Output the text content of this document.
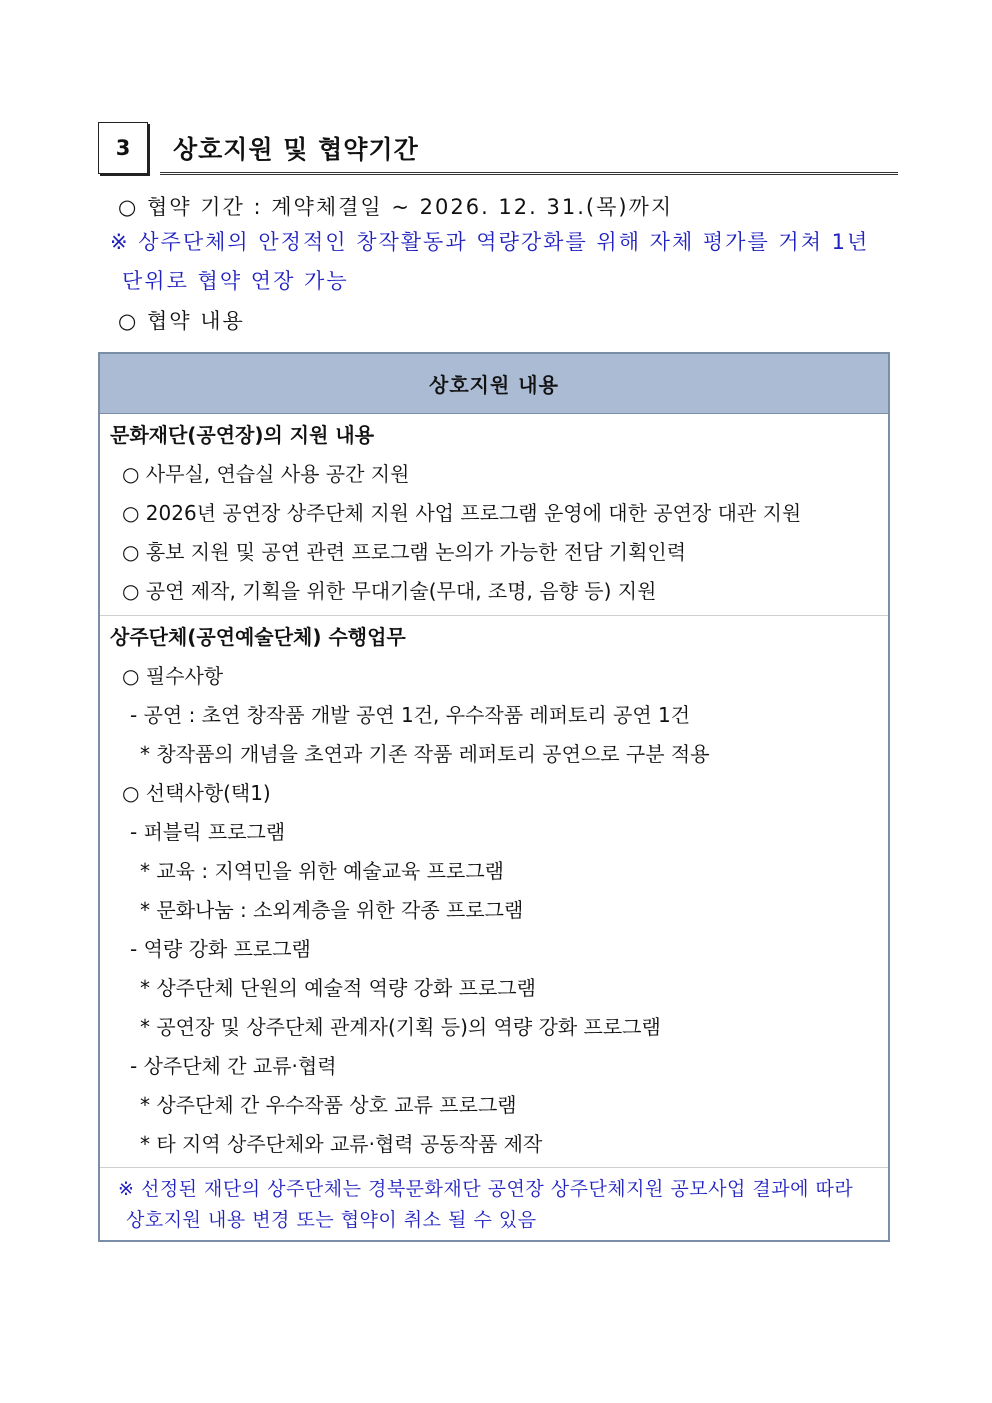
3	상호지원 및 협약기간
○ 협약 기간 : 계약체결일 ~ 2026. 12. 31.(목)까지
※ 상주단체의 안정적인 창작활동과 역량강화를 위해 자체 평가를 거쳐 1년
단위로 협약 연장 가능
○ 협약 내용
상호지원 내용
문화재단(공연장)의 지원 내용
○ 사무실, 연습실 사용 공간 지원
○ 2026년 공연장 상주단체 지원 사업 프로그램 운영에 대한 공연장 대관 지원
○ 홍보 지원 및 공연 관련 프로그램 논의가 가능한 전담 기획인력
○ 공연 제작, 기획을 위한 무대기술(무대, 조명, 음향 등) 지원
상주단체(공연예술단체) 수행업무
○ 필수사항
- 공연 : 초연 창작품 개발 공연 1건, 우수작품 레퍼토리 공연 1건
* 창작품의 개념을 초연과 기존 작품 레퍼토리 공연으로 구분 적용
○ 선택사항(택1)
- 퍼블릭 프로그램
* 교육 : 지역민을 위한 예술교육 프로그램
* 문화나눔 : 소외계층을 위한 각종 프로그램
- 역량 강화 프로그램
* 상주단체 단원의 예술적 역량 강화 프로그램
* 공연장 및 상주단체 관계자(기획 등)의 역량 강화 프로그램
- 상주단체 간 교류·협력
* 상주단체 간 우수작품 상호 교류 프로그램
* 타 지역 상주단체와 교류·협력 공동작품 제작
※ 선정된 재단의 상주단체는 경북문화재단 공연장 상주단체지원 공모사업 결과에 따라
상호지원 내용 변경 또는 협약이 취소 될 수 있음
